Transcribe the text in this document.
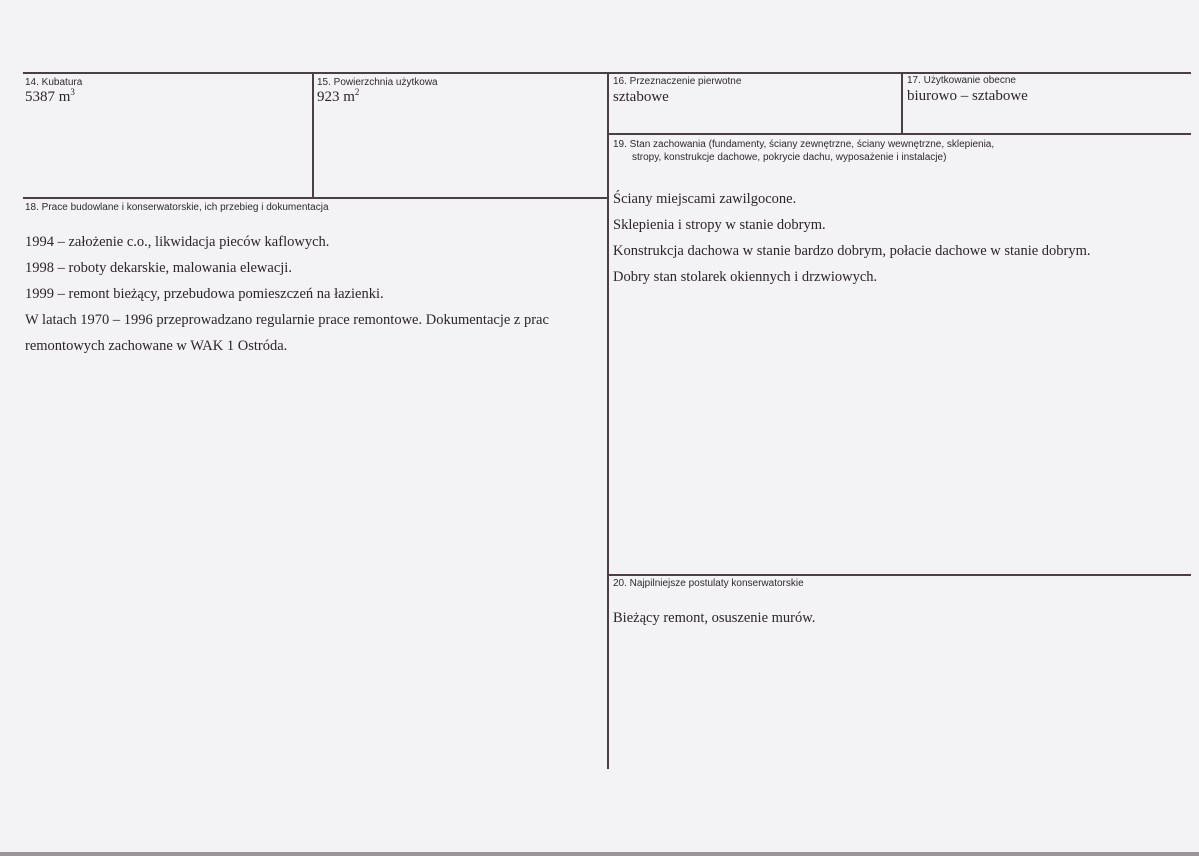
14. Kubatura
5387 $m^3$
15. Powierzchnia użytkowa
923 $m^2$
16. Przeznaczenie pierwotne
sztabowe
17. Użytkowanie obecne
biurowo – sztabowe
19. Stan zachowania (fundamenty, ściany zewnętrzne, ściany wewnętrzne, sklepienia,
stropy, konstrukcje dachowe, pokrycie dachu, wyposażenie i instalacje)
Ściany miejscami zawilgocone.
Sklepienia i stropy w stanie dobrym.
Konstrukcja dachowa w stanie bardzo dobrym, połacie dachowe w stanie dobrym.
Dobry stan stolarek okiennych i drzwiowych.
18. Prace budowlane i konserwatorskie, ich przebieg i dokumentacja
1994 – założenie c.o., likwidacja pieców kaflowych.
1998 – roboty dekarskie, malowania elewacji.
1999 – remont bieżący, przebudowa pomieszczeń na łazienki.
W latach 1970 – 1996 przeprowadzano regularnie prace remontowe. Dokumentacje z prac
remontowych zachowane w WAK 1 Ostróda.
20. Najpilniejsze postulaty konserwatorskie
Bieżący remont, osuszenie murów.
